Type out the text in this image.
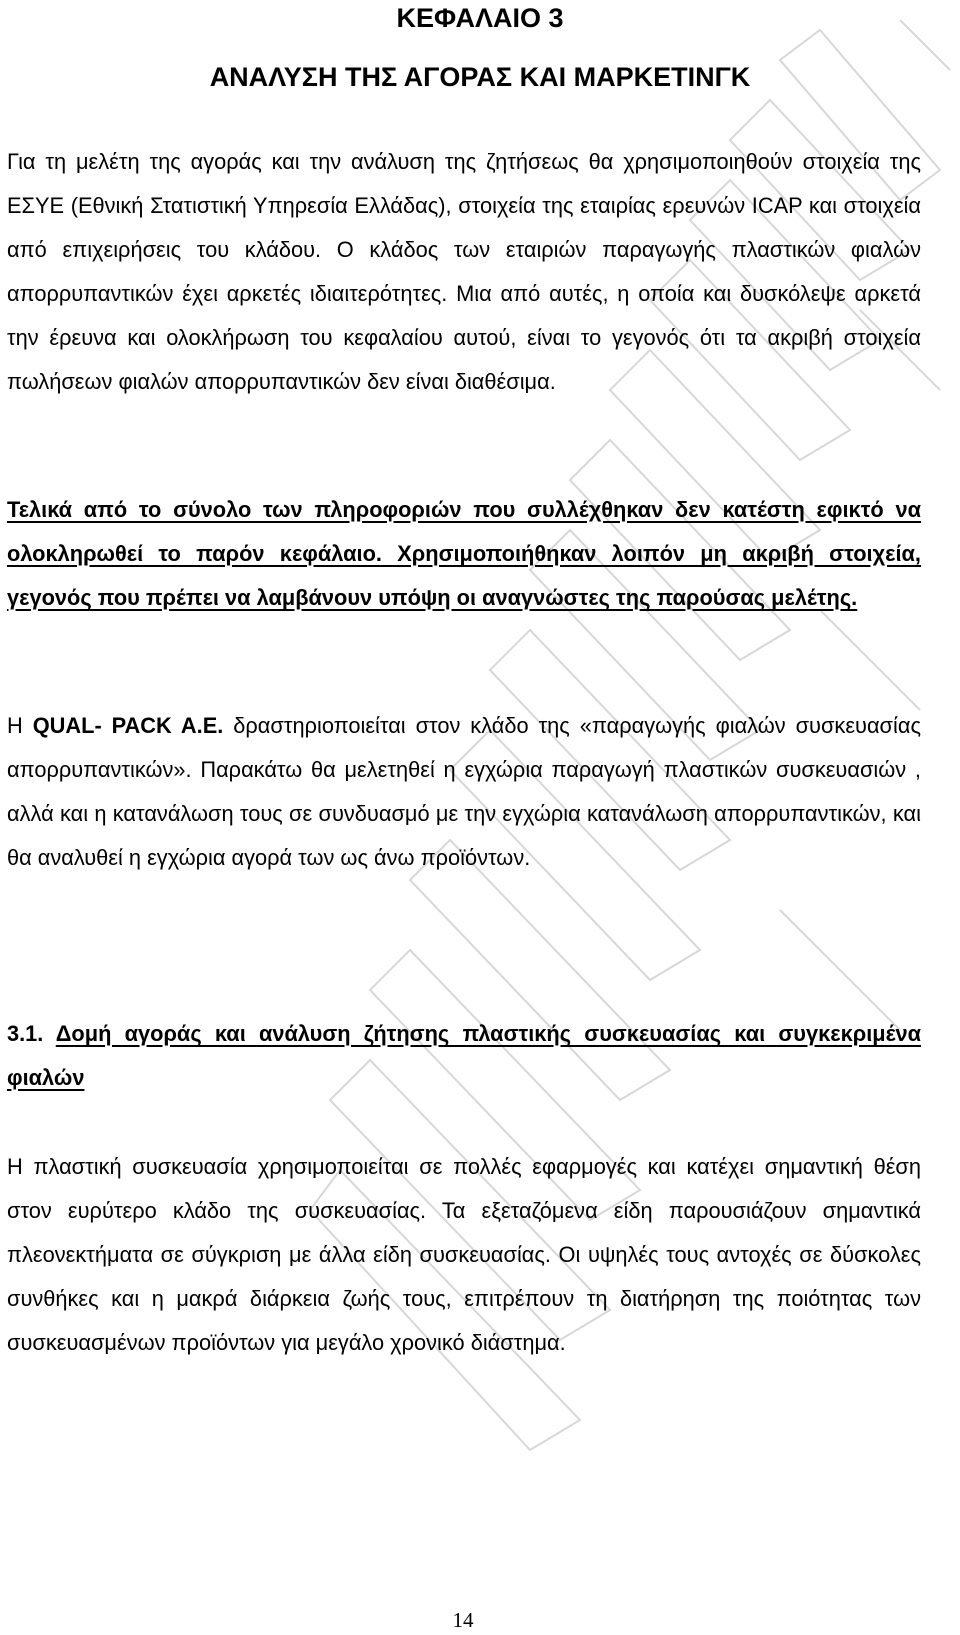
ΚΕΦΑΛΑΙΟ 3
ΑΝΑΛΥΣΗ ΤΗΣ ΑΓΟΡΑΣ ΚΑΙ ΜΑΡΚΕΤΙΝΓΚ

Για τη μελέτη της αγοράς και την ανάλυση της ζητήσεως θα χρησιμοποιηθούν στοιχεία της ΕΣΥΕ (Εθνική Στατιστική Υπηρεσία Ελλάδας), στοιχεία της εταιρίας ερευνών ICAP και στοιχεία από επιχειρήσεις του κλάδου. Ο κλάδος των εταιριών παραγωγής πλαστικών φιαλών απορρυπαντικών έχει αρκετές ιδιαιτερότητες. Μια από αυτές, η οποία και δυσκόλεψε αρκετά την έρευνα και ολοκλήρωση του κεφαλαίου αυτού, είναι το γεγονός ότι τα ακριβή στοιχεία πωλήσεων φιαλών απορρυπαντικών δεν είναι διαθέσιμα.

Τελικά από το σύνολο των πληροφοριών που συλλέχθηκαν δεν κατέστη εφικτό να ολοκληρωθεί το παρόν κεφάλαιο. Χρησιμοποιήθηκαν λοιπόν μη ακριβή στοιχεία, γεγονός που πρέπει να λαμβάνουν υπόψη οι αναγνώστες της παρούσας μελέτης.

Η QUAL- PACK A.E. δραστηριοποιείται στον κλάδο της «παραγωγής φιαλών συσκευασίας απορρυπαντικών». Παρακάτω θα μελετηθεί η εγχώρια παραγωγή πλαστικών συσκευασιών , αλλά και η κατανάλωση τους σε συνδυασμό με την εγχώρια κατανάλωση απορρυπαντικών, και θα αναλυθεί η εγχώρια αγορά των ως άνω προϊόντων.

3.1. Δομή αγοράς και ανάλυση ζήτησης πλαστικής συσκευασίας και συγκεκριμένα φιαλών

Η πλαστική συσκευασία χρησιμοποιείται σε πολλές εφαρμογές και κατέχει σημαντική θέση στον ευρύτερο κλάδο της συσκευασίας. Τα εξεταζόμενα είδη παρουσιάζουν σημαντικά πλεονεκτήματα σε σύγκριση με άλλα είδη συσκευασίας. Οι υψηλές τους αντοχές σε δύσκολες συνθήκες και η μακρά διάρκεια ζωής τους, επιτρέπουν τη διατήρηση της ποιότητας των συσκευασμένων προϊόντων για μεγάλο χρονικό διάστημα.

14
